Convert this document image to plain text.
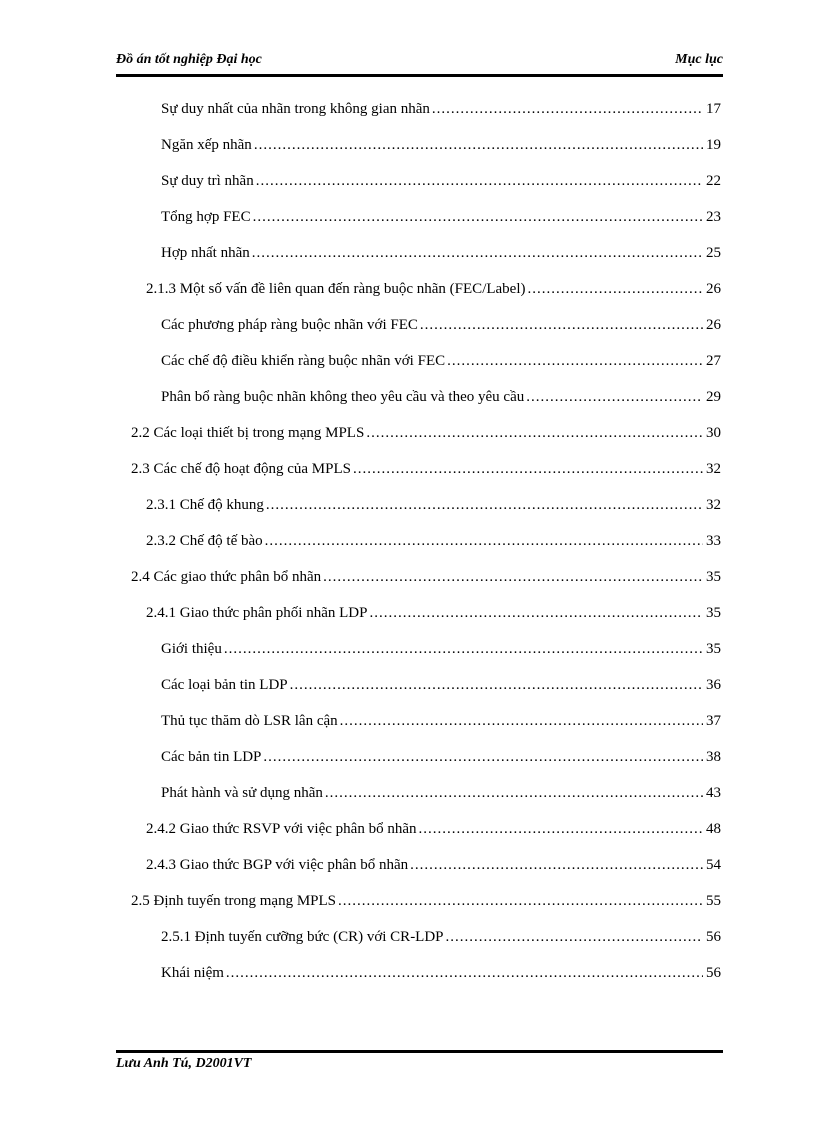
Đồ án tốt nghiệp Đại học	Mục lục
Sự duy nhất của nhãn trong không gian nhãn .....	17
Ngăn xếp nhãn .....	19
Sự duy trì nhãn .....	22
Tổng hợp FEC .....	23
Hợp nhất nhãn .....	25
2.1.3 Một số vấn đề liên quan đến ràng buộc nhãn (FEC/Label) .....	26
Các phương pháp ràng buộc nhãn với FEC .....	26
Các chế độ điều khiển ràng buộc nhãn với FEC .....	27
Phân bổ ràng buộc nhãn không theo yêu cầu và theo yêu cầu .....	29
2.2 Các loại thiết bị trong mạng MPLS .....	30
2.3 Các chế độ hoạt động của MPLS .....	32
2.3.1 Chế độ khung .....	32
2.3.2 Chế độ tế bào .....	33
2.4 Các giao thức phân bổ nhãn .....	35
2.4.1 Giao thức phân phối nhãn LDP .....	35
Giới thiệu .....	35
Các loại bản tin LDP .....	36
Thủ tục thăm dò LSR lân cận .....	37
Các bản tin LDP .....	38
Phát hành và sử dụng nhãn .....	43
2.4.2 Giao thức RSVP với việc phân bổ nhãn .....	48
2.4.3 Giao thức BGP với việc phân bổ nhãn .....	54
2.5 Định tuyến trong mạng MPLS .....	55
2.5.1 Định tuyến cưỡng bức (CR) với CR-LDP .....	56
Khái niệm .....	56
Lưu Anh Tú, D2001VT
